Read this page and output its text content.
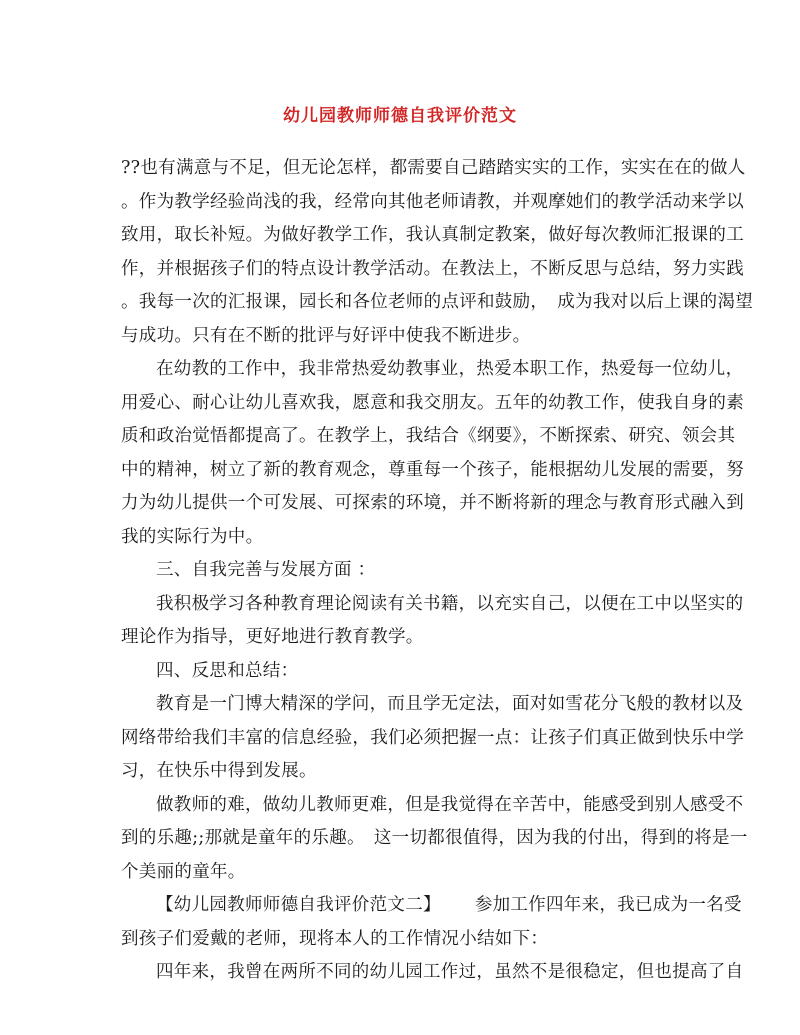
幼儿园教师师德自我评价范文
??也有满意与不足，但无论怎样，都需要自己踏踏实实的工作，实实在在的做人
。作为教学经验尚浅的我，经常向其他老师请教，并观摩她们的教学活动来学以
致用，取长补短。为做好教学工作，我认真制定教案，做好每次教师汇报课的工
作，并根据孩子们的特点设计教学活动。在教法上，不断反思与总结，努力实践
。我每一次的汇报课，园长和各位老师的点评和鼓励，　成为我对以后上课的渴望
与成功。只有在不断的批评与好评中使我不断进步。
在幼教的工作中，我非常热爱幼教事业，热爱本职工作，热爱每一位幼儿，
用爱心、耐心让幼儿喜欢我，愿意和我交朋友。五年的幼教工作，使我自身的素
质和政治觉悟都提高了。在教学上，我结合《纲要》，不断探索、研究、领会其
中的精神，树立了新的教育观念，尊重每一个孩子，能根据幼儿发展的需要，努
力为幼儿提供一个可发展、可探索的环境，并不断将新的理念与教育形式融入到
我的实际行为中。
三、自我完善与发展方面 ：
我积极学习各种教育理论阅读有关书籍，以充实自己，以便在工中以坚实的
理论作为指导，更好地进行教育教学。
四、反思和总结：
教育是一门博大精深的学问，而且学无定法，面对如雪花分飞般的教材以及
网络带给我们丰富的信息经验，我们必须把握一点：让孩子们真正做到快乐中学
习，在快乐中得到发展。
做教师的难，做幼儿教师更难，但是我觉得在辛苦中，能感受到别人感受不
到的乐趣;;那就是童年的乐趣。　这一切都很值得，因为我的付出，得到的将是一
个美丽的童年。
【幼儿园教师师德自我评价范文二】 参加工作四年来，我已成为一名受
到孩子们爱戴的老师，现将本人的工作情况小结如下：
四年来，我曾在两所不同的幼儿园工作过，虽然不是很稳定，但也提高了自
